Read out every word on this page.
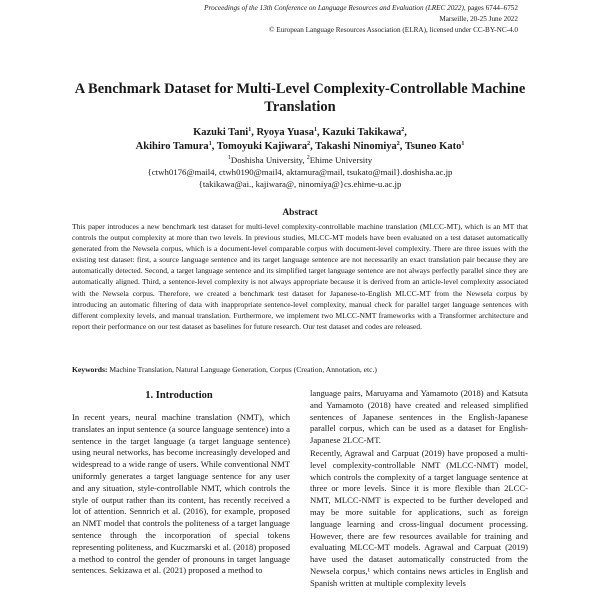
Proceedings of the 13th Conference on Language Resources and Evaluation (LREC 2022), pages 6744–6752
Marseille, 20-25 June 2022
© European Language Resources Association (ELRA), licensed under CC-BY-NC-4.0
A Benchmark Dataset for Multi-Level Complexity-Controllable Machine Translation
Kazuki Tani$^1$, Ryoya Yuasa$^1$, Kazuki Takikawa$^2$,
Akihiro Tamura$^1$, Tomoyuki Kajiwara$^2$, Takashi Ninomiya$^2$, Tsuneo Kato$^1$
$^1$Doshisha University, $^2$Ehime University
{ctwh0176@mail4, ctwh0190@mail4, aktamura@mail, tsukato@mail}.doshisha.ac.jp
{takikawa@ai., kajiwara@, ninomiya@}cs.ehime-u.ac.jp
Abstract
This paper introduces a new benchmark test dataset for multi-level complexity-controllable machine translation (MLCC-MT), which is an MT that controls the output complexity at more than two levels. In previous studies, MLCC-MT models have been evaluated on a test dataset automatically generated from the Newsela corpus, which is a document-level comparable corpus with document-level complexity. There are three issues with the existing test dataset: first, a source language sentence and its target language sentence are not necessarily an exact translation pair because they are automatically detected. Second, a target language sentence and its simplified target language sentence are not always perfectly parallel since they are automatically aligned. Third, a sentence-level complexity is not always appropriate because it is derived from an article-level complexity associated with the Newsela corpus. Therefore, we created a benchmark test dataset for Japanese-to-English MLCC-MT from the Newsela corpus by introducing an automatic filtering of data with inappropriate sentence-level complexity, manual check for parallel target language sentences with different complexity levels, and manual translation. Furthermore, we implement two MLCC-NMT frameworks with a Transformer architecture and report their performance on our test dataset as baselines for future research. Our test dataset and codes are released.
Keywords: Machine Translation, Natural Language Generation, Corpus (Creation, Annotation, etc.)
1. Introduction

In recent years, neural machine translation (NMT), which translates an input sentence (a source language sentence) into a sentence in the target language (a target language sentence) using neural networks, has become increasingly developed and widespread to a wide range of users. While conventional NMT uniformly generates a target language sentence for any user and any situation, style-controllable NMT, which controls the style of output rather than its content, has recently received a lot of attention. Sennrich et al. (2016), for example, proposed an NMT model that controls the politeness of a target language sentence through the incorporation of special tokens representing politeness, and Kuczmarski et al. (2018) proposed a method to control the gender of pronouns in target language sentences. Sekizawa et al. (2021) proposed a method to

language pairs, Maruyama and Yamamoto (2018) and Katsuta and Yamamoto (2018) have created and released simplified sentences of Japanese sentences in the English-Japanese parallel corpus, which can be used as a dataset for English-Japanese 2LCC-MT.

Recently, Agrawal and Carpuat (2019) have proposed a multi-level complexity-controllable NMT (MLCC-NMT) model, which controls the complexity of a target language sentence at three or more levels. Since it is more flexible than 2LCC-NMT, MLCC-NMT is expected to be further developed and may be more suitable for applications, such as foreign language learning and cross-lingual document processing. However, there are few resources available for training and evaluating MLCC-MT models. Agrawal and Carpuat (2019) have used the dataset automatically constructed from the Newsela corpus,¹ which contains news articles in English and Spanish written at multiple complexity levels
